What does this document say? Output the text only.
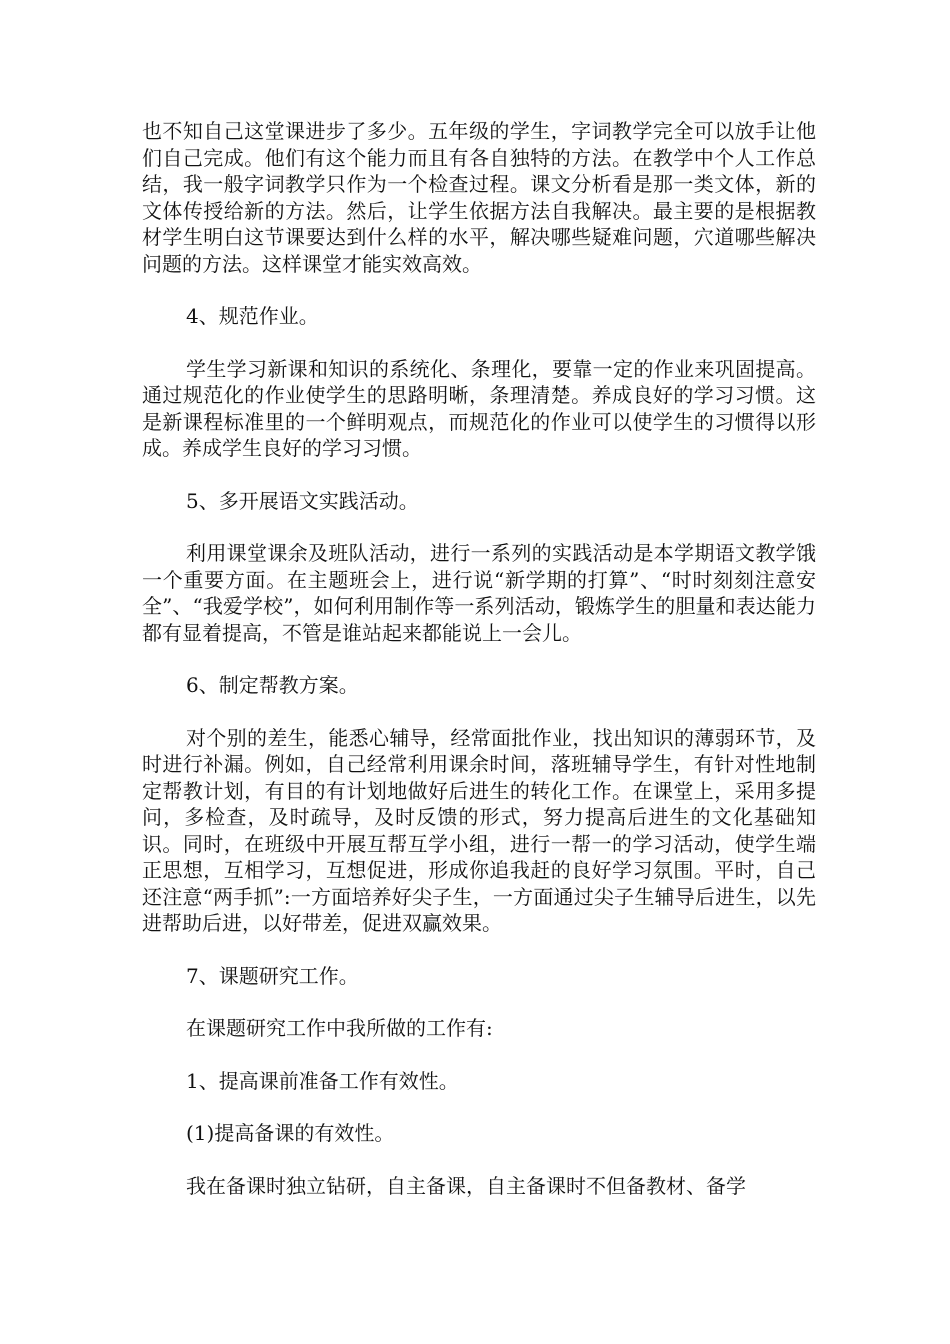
也不知自己这堂课进步了多少。五年级的学生，字词教学完全可以放手让他们自己完成。他们有这个能力而且有各自独特的方法。在教学中个人工作总结，我一般字词教学只作为一个检查过程。课文分析看是那一类文体，新的文体传授给新的方法。然后，让学生依据方法自我解决。最主要的是根据教材学生明白这节课要达到什么样的水平，解决哪些疑难问题，穴道哪些解决问题的方法。这样课堂才能实效高效。

4、规范作业。

学生学习新课和知识的系统化、条理化，要靠一定的作业来巩固提高。通过规范化的作业使学生的思路明晰，条理清楚。养成良好的学习习惯。这是新课程标准里的一个鲜明观点，而规范化的作业可以使学生的习惯得以形成。养成学生良好的学习习惯。

5、多开展语文实践活动。

利用课堂课余及班队活动，进行一系列的实践活动是本学期语文教学饿一个重要方面。在主题班会上，进行说“新学期的打算”、“时时刻刻注意安全”、“我爱学校”，如何利用制作等一系列活动，锻炼学生的胆量和表达能力都有显着提高，不管是谁站起来都能说上一会儿。

6、制定帮教方案。

对个别的差生，能悉心辅导，经常面批作业，找出知识的薄弱环节，及时进行补漏。例如，自己经常利用课余时间，落班辅导学生，有针对性地制定帮教计划，有目的有计划地做好后进生的转化工作。在课堂上，采用多提问，多检查，及时疏导，及时反馈的形式，努力提高后进生的文化基础知识。同时，在班级中开展互帮互学小组，进行一帮一的学习活动，使学生端正思想，互相学习，互想促进，形成你追我赶的良好学习氛围。平时，自己还注意“两手抓”:一方面培养好尖子生，一方面通过尖子生辅导后进生，以先进帮助后进，以好带差，促进双赢效果。

7、课题研究工作。

在课题研究工作中我所做的工作有:

1、提高课前准备工作有效性。

(1)提高备课的有效性。

我在备课时独立钻研，自主备课，自主备课时不但备教材、备学
